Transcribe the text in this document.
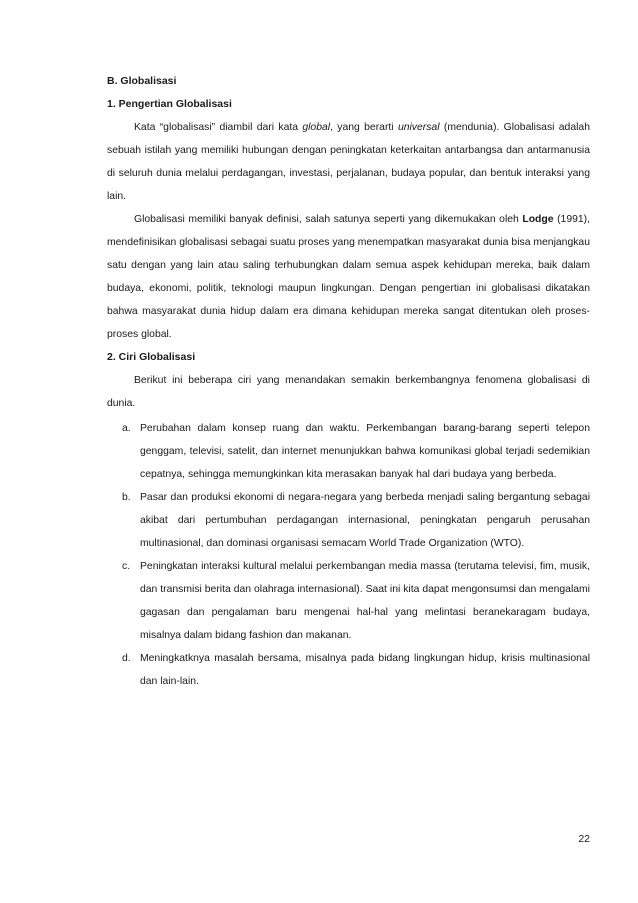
B. Globalisasi
1. Pengertian Globalisasi

Kata “globalisasi” diambil dari kata global, yang berarti universal (mendunia). Globalisasi adalah sebuah istilah yang memiliki hubungan dengan peningkatan keterkaitan antarbangsa dan antarmanusia di seluruh dunia melalui perdagangan, investasi, perjalanan, budaya popular, dan bentuk interaksi yang lain.

Globalisasi memiliki banyak definisi, salah satunya seperti yang dikemukakan oleh Lodge (1991), mendefinisikan globalisasi sebagai suatu proses yang menempatkan masyarakat dunia bisa menjangkau satu dengan yang lain atau saling terhubungkan dalam semua aspek kehidupan mereka, baik dalam budaya, ekonomi, politik, teknologi maupun lingkungan. Dengan pengertian ini globalisasi dikatakan bahwa masyarakat dunia hidup dalam era dimana kehidupan mereka sangat ditentukan oleh proses-proses global.

2. Ciri Globalisasi

Berikut ini beberapa ciri yang menandakan semakin berkembangnya fenomena globalisasi di dunia.

a. Perubahan dalam konsep ruang dan waktu. Perkembangan barang-barang seperti telepon genggam, televisi, satelit, dan internet menunjukkan bahwa komunikasi global terjadi sedemikian cepatnya, sehingga memungkinkan kita merasakan banyak hal dari budaya yang berbeda.
b. Pasar dan produksi ekonomi di negara-negara yang berbeda menjadi saling bergantung sebagai akibat dari pertumbuhan perdagangan internasional, peningkatan pengaruh perusahan multinasional, dan dominasi organisasi semacam World Trade Organization (WTO).
c. Peningkatan interaksi kultural melalui perkembangan media massa (terutama televisi, fim, musik, dan transmisi berita dan olahraga internasional). Saat ini kita dapat mengonsumsi dan mengalami gagasan dan pengalaman baru mengenai hal-hal yang melintasi beranekaragam budaya, misalnya dalam bidang fashion dan makanan.
d. Meningkatknya masalah bersama, misalnya pada bidang lingkungan hidup, krisis multinasional dan lain-lain.
22
